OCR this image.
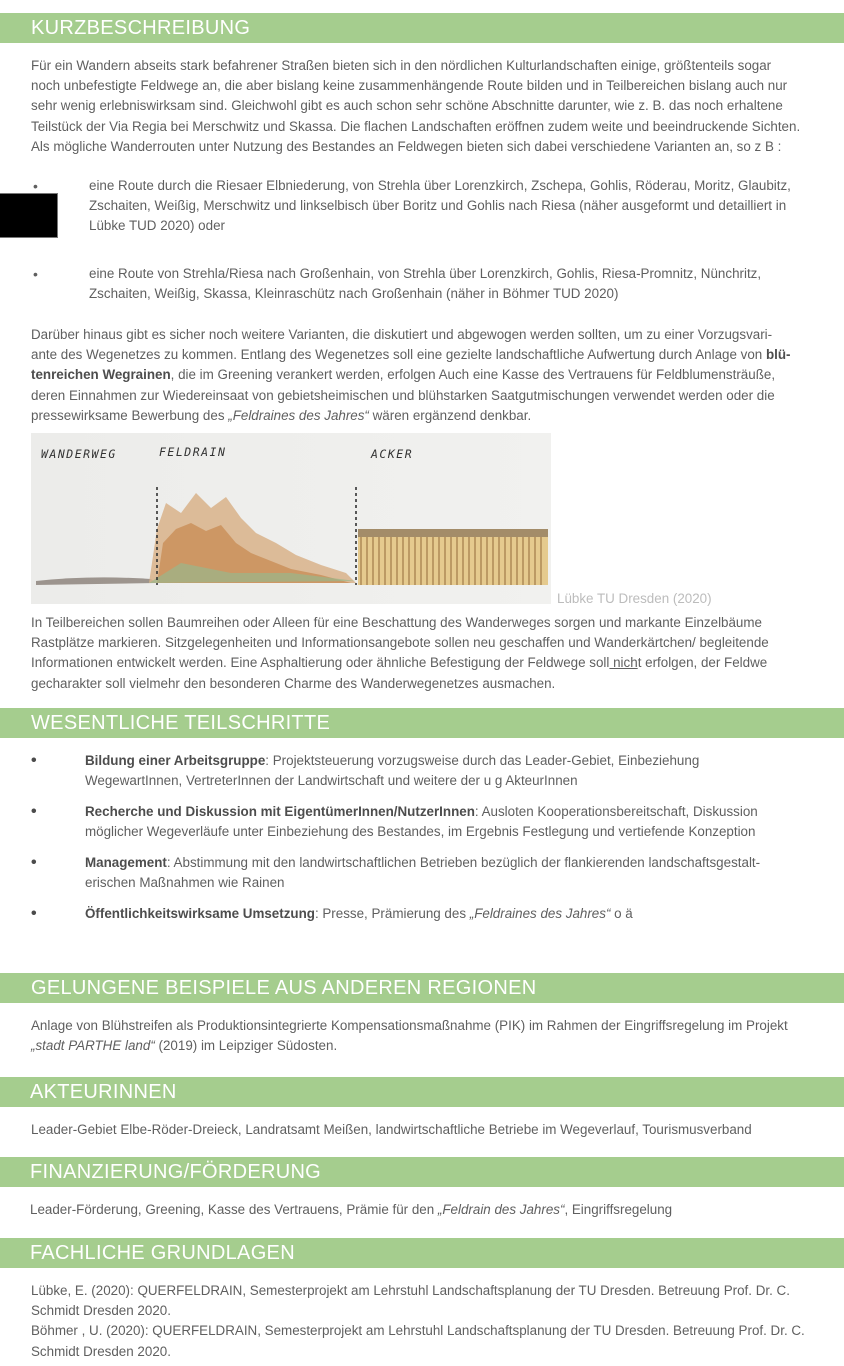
KURZBESCHREIBUNG
Für ein Wandern abseits stark befahrener Straßen bieten sich in den nördlichen Kulturlandschaften einige, größtenteils sogar
noch unbefestigte Feldwege an, die aber bislang keine zusammenhängende Route bilden und in Teilbereichen bislang auch nur
sehr wenig erlebniswirksam sind. Gleichwohl gibt es auch schon sehr schöne Abschnitte darunter, wie z. B. das noch erhaltene
Teilstück der Via Regia bei Merschwitz und Skassa. Die flachen Landschaften eröffnen zudem weite und beeindruckende Sichten.
Als mögliche Wanderrouten unter Nutzung des Bestandes an Feldwegen bieten sich dabei verschiedene Varianten an, so z B :
•	eine Route durch die Riesaer Elbniederung, von Strehla über Lorenzkirch, Zschepa, Gohlis, Röderau, Moritz, Glaubitz,
Zschaiten, Weißig, Merschwitz und linkselbisch über Boritz und Gohlis nach Riesa (näher ausgeformt und detailliert in
Lübke TUD 2020) oder
•	eine Route von Strehla/Riesa nach Großenhain, von Strehla über Lorenzkirch, Gohlis, Riesa-Promnitz, Nünchritz,
Zschaiten, Weißig, Skassa, Kleinraschütz nach Großenhain (näher in Böhmer TUD 2020)
Darüber hinaus gibt es sicher noch weitere Varianten, die diskutiert und abgewogen werden sollten, um zu einer Vorzugsvari-
ante des Wegenetzes zu kommen. Entlang des Wegenetzes soll eine gezielte landschaftliche Aufwertung durch Anlage von blü-
tenreichen Wegrainen, die im Greening verankert werden, erfolgen Auch eine Kasse des Vertrauens für Feldblumensträuße,
deren Einnahmen zur Wiedereinsaat von gebietsheimischen und blühstarken Saatgutmischungen verwendet werden oder die
pressewirksame Bewerbung des „Feldraines des Jahres“ wären ergänzend denkbar.
WANDERWEG	FELDRAIN	ACKER
Lübke TU Dresden (2020)
In Teilbereichen sollen Baumreihen oder Alleen für eine Beschattung des Wanderweges sorgen und markante Einzelbäume
Rastplätze markieren. Sitzgelegenheiten und Informationsangebote sollen neu geschaffen und Wanderkärtchen/ begleitende
Informationen entwickelt werden. Eine Asphaltierung oder ähnliche Befestigung der Feldwege soll nicht erfolgen, der Feldwe
gecharakter soll vielmehr den besonderen Charme des Wanderwegenetzes ausmachen.
WESENTLICHE TEILSCHRITTE
•	Bildung einer Arbeitsgruppe: Projektsteuerung vorzugsweise durch das Leader-Gebiet, Einbeziehung
WegewartInnen, VertreterInnen der Landwirtschaft und weitere der u g AkteurInnen
•	Recherche und Diskussion mit EigentümerInnen/NutzerInnen: Ausloten Kooperationsbereitschaft, Diskussion
möglicher Wegeverläufe unter Einbeziehung des Bestandes, im Ergebnis Festlegung und vertiefende Konzeption
•	Management: Abstimmung mit den landwirtschaftlichen Betrieben bezüglich der flankierenden landschaftsgestalt-
erischen Maßnahmen wie Rainen
•	Öffentlichkeitswirksame Umsetzung: Presse, Prämierung des „Feldraines des Jahres“ o ä
GELUNGENE BEISPIELE AUS ANDEREN REGIONEN
Anlage von Blühstreifen als Produktionsintegrierte Kompensationsmaßnahme (PIK) im Rahmen der Eingriffsregelung im Projekt
„stadt PARTHE land“ (2019) im Leipziger Südosten.
AKTEURINNEN
Leader-Gebiet Elbe-Röder-Dreieck, Landratsamt Meißen, landwirtschaftliche Betriebe im Wegeverlauf, Tourismusverband
FINANZIERUNG/FÖRDERUNG
Leader-Förderung, Greening, Kasse des Vertrauens, Prämie für den „Feldrain des Jahres“, Eingriffsregelung
FACHLICHE GRUNDLAGEN
Lübke, E. (2020): QUERFELDRAIN, Semesterprojekt am Lehrstuhl Landschaftsplanung der TU Dresden. Betreuung Prof. Dr. C.
Schmidt Dresden 2020.
Böhmer , U. (2020): QUERFELDRAIN, Semesterprojekt am Lehrstuhl Landschaftsplanung der TU Dresden. Betreuung Prof. Dr. C.
Schmidt Dresden 2020.
